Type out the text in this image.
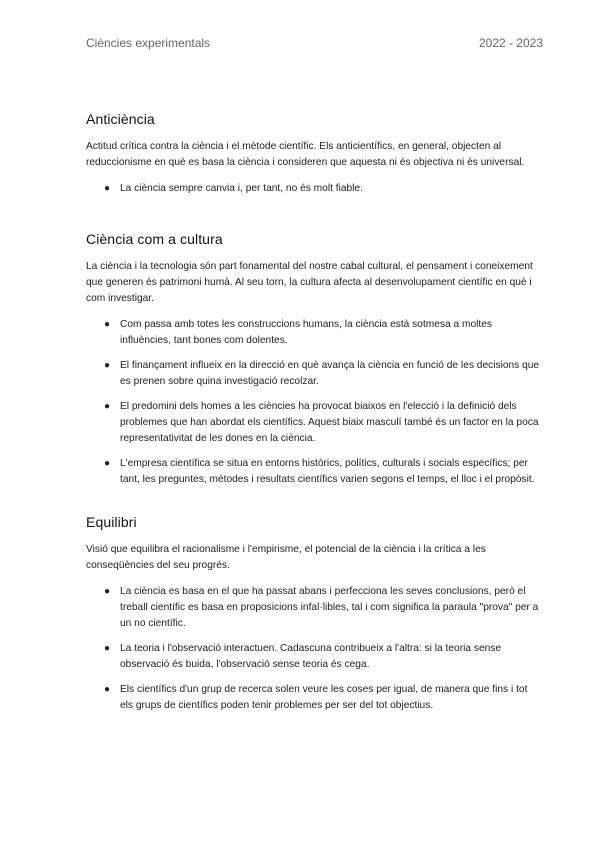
Ciències experimentals	2022 - 2023
Anticiència

Actitud crítica contra la ciència i el mètode científic. Els anticientífics, en general, objecten al reduccionisme en què es basa la ciència i consideren que aquesta ni és objectiva ni és universal.

● La ciència sempre canvia i, per tant, no és molt fiable.
Ciència com a cultura

La ciència i la tecnologia són part fonamental del nostre cabal cultural, el pensament i coneixement que generen és patrimoni humà. Al seu torn, la cultura afecta al desenvolupament científic en què i com investigar.

● Com passa amb totes les construccions humans, la ciència està sotmesa a moltes influències, tant bones com dolentes.
● El finançament influeix en la direcció en què avança la ciència en funció de les decisions que es prenen sobre quina investigació recolzar.
● El predomini dels homes a les ciències ha provocat biaixos en l'elecció i la definició dels problemes que han abordat els científics. Aquest biaix masculí també és un factor en la poca representativitat de les dones en la ciència.
● L'empresa científica se situa en entorns històrics, polítics, culturals i socials específics; per tant, les preguntes, mètodes i resultats científics varien segons el temps, el lloc i el propòsit.
Equilibri

Visió que equilibra el racionalisme i l'empirisme, el potencial de la ciència i la crítica a les conseqüències del seu progrés.

● La ciència es basa en el que ha passat abans i perfecciona les seves conclusions, però el treball científic es basa en proposicions infal·libles, tal i com significa la paraula "prova" per a un no científic.
● La teoria i l'observació interactuen. Cadascuna contribueix a l'altra: si la teoria sense observació és buida, l'observació sense teoria és cega.
● Els científics d'un grup de recerca solen veure les coses per igual, de manera que fins i tot els grups de científics poden tenir problemes per ser del tot objectius.
